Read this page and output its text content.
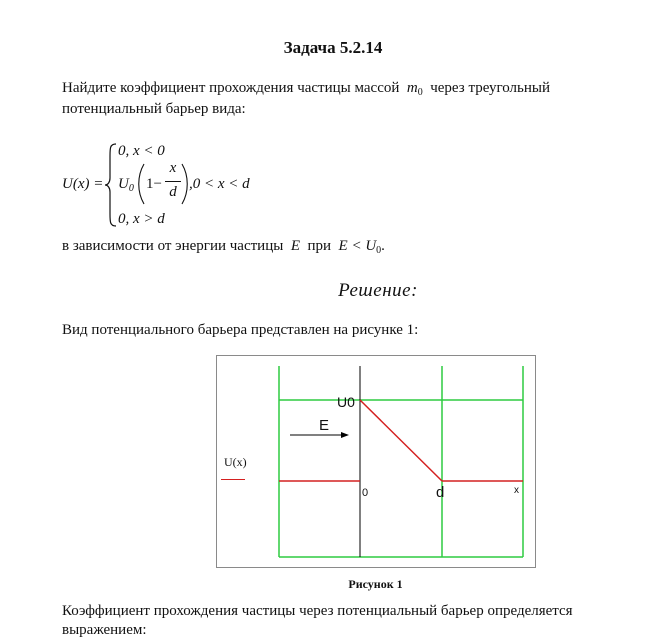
Задача 5.2.14
Найдите коэффициент прохождения частицы массой $m_0$ через треугольный
потенциальный барьер вида:
U(x) =
0, x < 0
$U_0$ 1−
x
d ,0 < x < d
0, x > d
в зависимости от энергии частицы E при $E < U_0$.
Решение:
Вид потенциального барьера представлен на рисунке 1:
U0
E
0	d	x
U(x)
Рисунок 1
Коэффициент прохождения частицы через потенциальный барьер определяется
выражением:
